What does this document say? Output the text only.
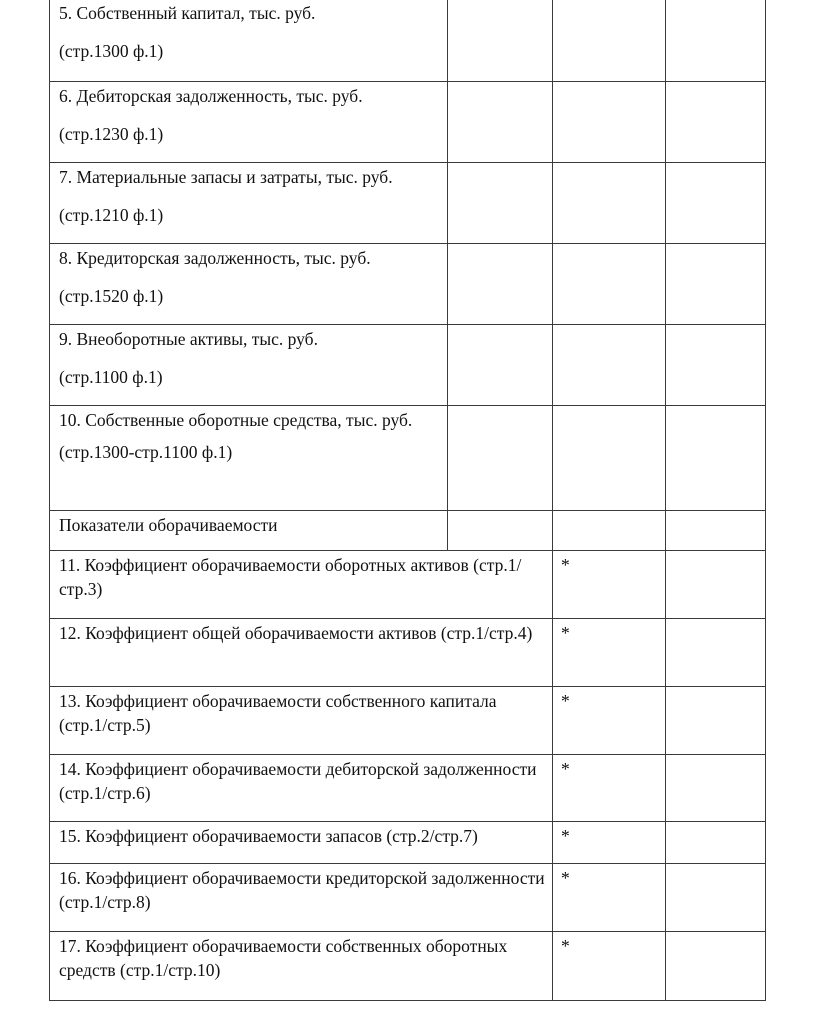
5. Собственный капитал, тыс. руб.
(стр.1300 ф.1)			

6. Дебиторская задолженность, тыс. руб.
(стр.1230 ф.1)			

7. Материальные запасы и затраты, тыс. руб.
(стр.1210 ф.1)			

8. Кредиторская задолженность, тыс. руб.
(стр.1520 ф.1)			

9. Внеоборотные активы, тыс. руб.
(стр.1100 ф.1)			

10. Собственные оборотные средства, тыс. руб.
(стр.1300-стр.1100 ф.1)			

Показатели оборачиваемости			

11. Коэффициент оборачиваемости оборотных активов (стр.1/стр.3)		*	

12. Коэффициент общей оборачиваемости активов (стр.1/стр.4)		*	

13. Коэффициент оборачиваемости собственного капитала (стр.1/стр.5)		*	

14. Коэффициент оборачиваемости дебиторской задолженности (стр.1/стр.6)		*	

15. Коэффициент оборачиваемости запасов (стр.2/стр.7)		*	

16. Коэффициент оборачиваемости кредиторской задолженности (стр.1/стр.8)		*	

17. Коэффициент оборачиваемости собственных оборотных средств (стр.1/стр.10)		*	
